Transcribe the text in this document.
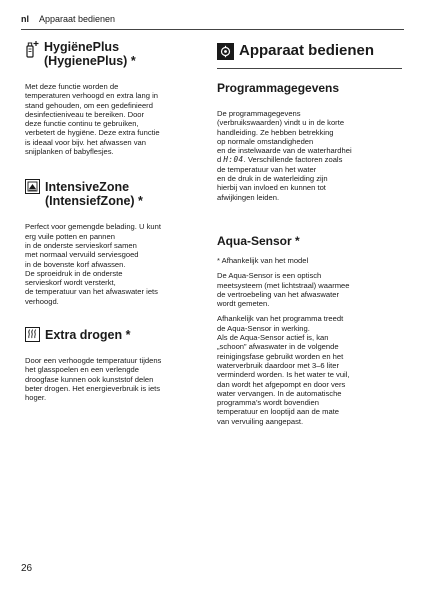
nl Apparaat bedienen
HygiënePlus
(HygienePlus) *

Met deze functie worden de
temperaturen verhoogd en extra lang in
stand gehouden, om een gedefinieerd
desinfectieniveau te bereiken. Door
deze functie continu te gebruiken,
verbetert de hygiëne. Deze extra functie
is ideaal voor bijv. het afwassen van
snijplanken of babyflesjes.

IntensiveZone
(IntensiefZone) *

Perfect voor gemengde belading. U kunt
erg vuile potten en pannen
in de onderste servieskorf samen
met normaal vervuild serviesgoed
in de bovenste korf afwassen.
De sproeidruk in de onderste
servieskorf wordt versterkt,
de temperatuur van het afwaswater iets
verhoogd.

Extra drogen *

Door een verhoogde temperatuur tijdens
het glasspoelen en een verlengde
droogfase kunnen ook kunststof delen
beter drogen. Het energieverbruik is iets
hoger.

Apparaat bedienen
Programmagegevens

De programmagegevens
(verbruikswaarden) vindt u in de korte
handleiding. Ze hebben betrekking
op normale omstandigheden
en de instelwaarde van de waterhardhei
d H:04. Verschillende factoren zoals
de temperatuur van het water
en de druk in de waterleiding zijn
hierbij van invloed en kunnen tot
afwijkingen leiden.

Aqua-Sensor *

* Afhankelijk van het model

De Aqua-Sensor is een optisch
meetsysteem (met lichtstraal) waarmee
de vertroebeling van het afwaswater
wordt gemeten.

Afhankelijk van het programma treedt
de Aqua-Sensor in werking.
Als de Aqua-Sensor actief is, kan
„schoon” afwaswater in de volgende
reinigingsfase gebruikt worden en het
waterverbruik daardoor met 3–6 liter
verminderd worden. Is het water te vuil,
dan wordt het afgepompt en door vers
water vervangen. In de automatische
programma’s wordt bovendien
temperatuur en looptijd aan de mate
van vervuiling aangepast.

26
